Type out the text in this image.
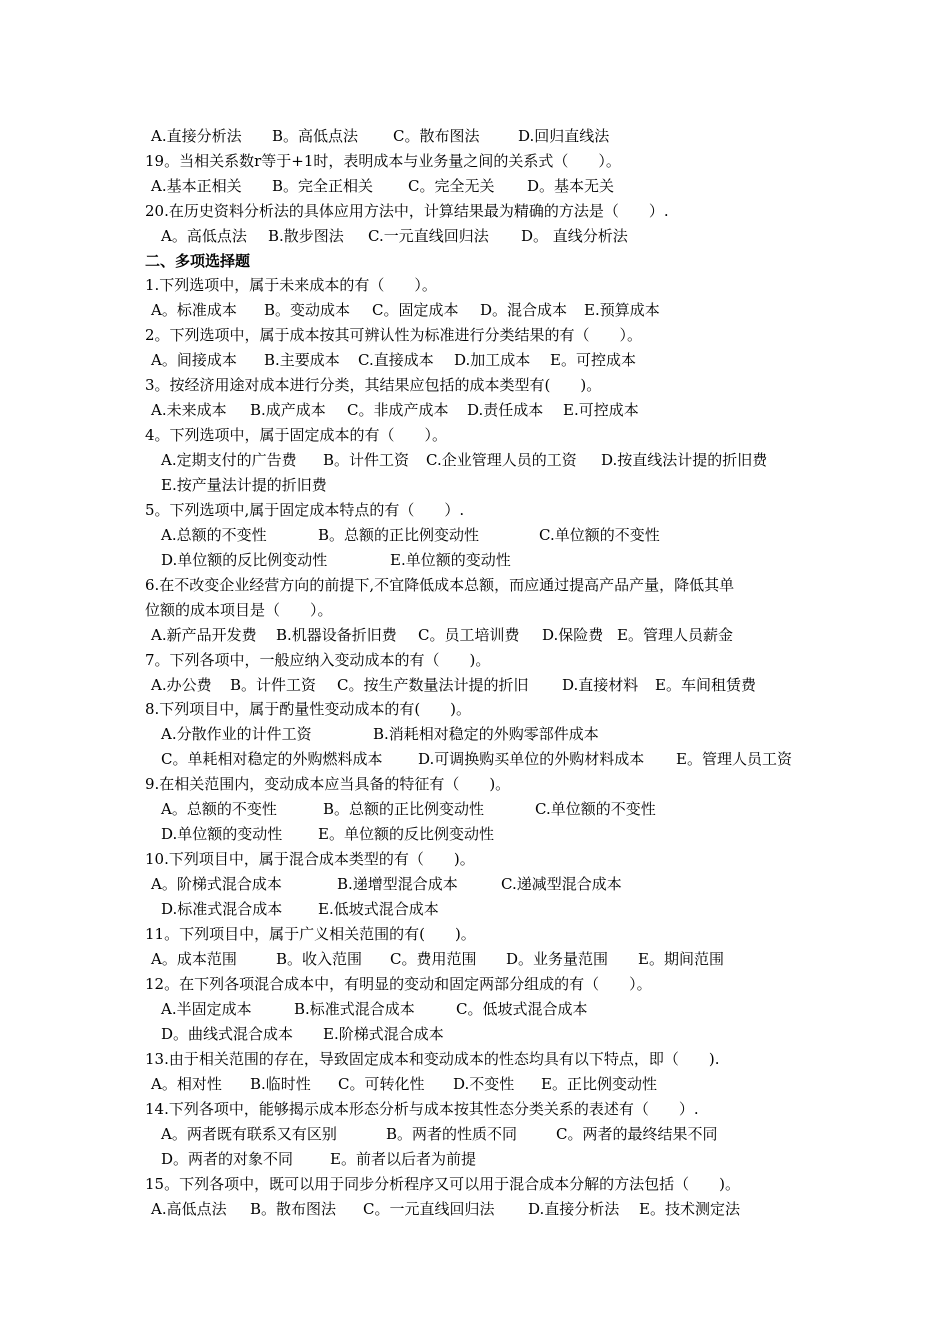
A.直接分析法

B。高低点法

C。散布图法

	D.回归直线法

19。当相关系数r等于+1时，表明成本与业务量之间的关系式（　　）。

A.基本正相关

B。完全正相关

C。完全无关

D。基本无关

20.在历史资料分析法的具体应用方法中，计算结果最为精确的方法是（　　）.

A。高低点法

B.散步图法

C.一元直线回归法

D。 直线分析法

二、多项选择题
1.下列选项中，属于未来成本的有（　　）。

A。标准成本

B。变动成本

C。固定成本

D。混合成本

E.预算成本

2。下列选项中，属于成本按其可辨认性为标准进行分类结果的有（　　）。

A。间接成本

B.主要成本

C.直接成本

D.加工成本

E。可控成本

3。按经济用途对成本进行分类，其结果应包括的成本类型有(　　)。

A.未来成本

B.成产成本

C。非成产成本

D.责任成本

E.可控成本

4。下列选项中，属于固定成本的有（　　）。

A.定期支付的广告费

B。计件工资

C.企业管理人员的工资

D.按直线法计提的折旧费

E.按产量法计提的折旧费
5。下列选项中,属于固定成本特点的有（　　）.

A.总额的不变性

	B。总额的正比例变动性

	C.单位额的不变性

D.单位额的反比例变动性

	E.单位额的变动性

6.在不改变企业经营方向的前提下,不宜降低成本总额，而应通过提高产品产量，降低其单
位额的成本项目是（　　）。

A.新产品开发费

B.机器设备折旧费

C。员工培训费

D.保险费

E。管理人员薪金

7。下列各项中，一般应纳入变动成本的有（　　)。

A.办公费

B。计件工资

C。按生产数量法计提的折旧

D.直接材料

E。车间租赁费

8.下列项目中，属于酌量性变动成本的有(　　)。

A.分散作业的计件工资

	B.消耗相对稳定的外购零部件成本

C。单耗相对稳定的外购燃料成本

D.可调换购买单位的外购材料成本

E。管理人员工资

9.在相关范围内，变动成本应当具备的特征有（　　)。

A。总额的不变性

	B。总额的正比例变动性

	C.单位额的不变性

D.单位额的变动性

E。单位额的反比例变动性

10.下列项目中，属于混合成本类型的有（　　)。

A。阶梯式混合成本

	B.递增型混合成本

	C.递减型混合成本

D.标准式混合成本

E.低坡式混合成本

11。下列项目中，属于广义相关范围的有(　　)。

A。成本范围

	B。收入范围

C。费用范围

D。业务量范围

E。期间范围

12。在下列各项混合成本中，有明显的变动和固定两部分组成的有（　　）。

A.半固定成本

	B.标准式混合成本

	C。低坡式混合成本

D。曲线式混合成本

E.阶梯式混合成本

13.由于相关范围的存在，导致固定成本和变动成本的性态均具有以下特点，即（　　).

A。相对性

B.临时性

C。可转化性

D.不变性

E。正比例变动性

14.下列各项中，能够揭示成本形态分析与成本按其性态分类关系的表述有（　　）.

A。两者既有联系又有区别

	B。两者的性质不同

	C。两者的最终结果不同

D。两者的对象不同

E。前者以后者为前提

15。下列各项中，既可以用于同步分析程序又可以用于混合成本分解的方法包括（　　)。

A.高低点法

B。散布图法

C。一元直线回归法

D.直接分析法

E。技术测定法
